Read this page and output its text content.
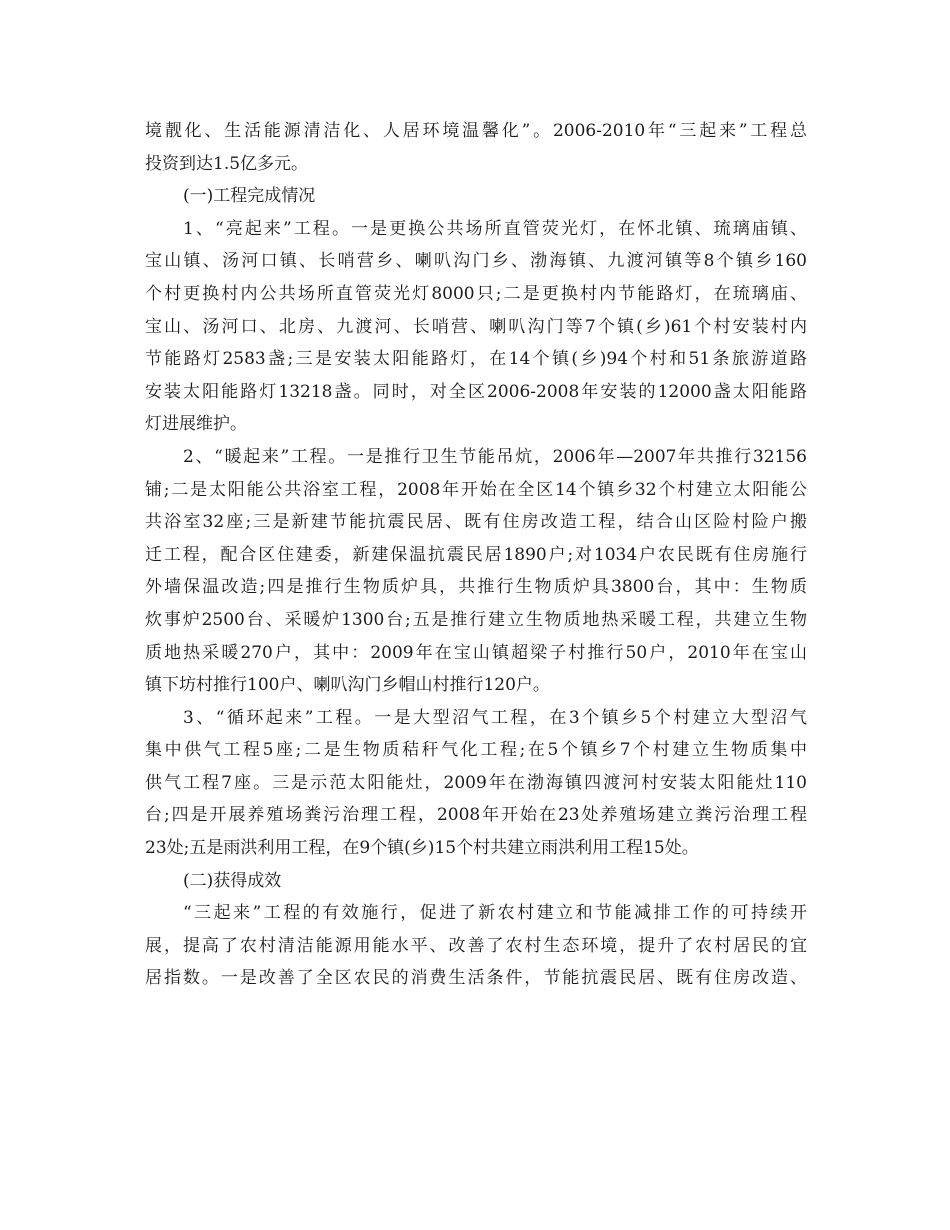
境靓化、生活能源清洁化、人居环境温馨化”。2006-2010年“三起来”工程总
投资到达1.5亿多元。
(一)工程完成情况
1、“亮起来”工程。一是更换公共场所直管荧光灯，在怀北镇、琉璃庙镇、
宝山镇、汤河口镇、长哨营乡、喇叭沟门乡、渤海镇、九渡河镇等8个镇乡160
个村更换村内公共场所直管荧光灯8000只;二是更换村内节能路灯，在琉璃庙、
宝山、汤河口、北房、九渡河、长哨营、喇叭沟门等7个镇(乡)61个村安装村内
节能路灯2583盏;三是安装太阳能路灯，在14个镇(乡)94个村和51条旅游道路
安装太阳能路灯13218盏。同时，对全区2006-2008年安装的12000盏太阳能路
灯进展维护。
2、“暖起来”工程。一是推行卫生节能吊炕，2006年—2007年共推行32156
铺;二是太阳能公共浴室工程，2008年开始在全区14个镇乡32个村建立太阳能公
共浴室32座;三是新建节能抗震民居、既有住房改造工程，结合山区险村险户搬
迁工程，配合区住建委，新建保温抗震民居1890户;对1034户农民既有住房施行
外墙保温改造;四是推行生物质炉具，共推行生物质炉具3800台，其中：生物质
炊事炉2500台、采暖炉1300台;五是推行建立生物质地热采暖工程，共建立生物
质地热采暖270户，其中：2009年在宝山镇超梁子村推行50户，2010年在宝山
镇下坊村推行100户、喇叭沟门乡帽山村推行120户。
3、“循环起来”工程。一是大型沼气工程，在3个镇乡5个村建立大型沼气
集中供气工程5座;二是生物质秸秆气化工程;在5个镇乡7个村建立生物质集中
供气工程7座。三是示范太阳能灶，2009年在渤海镇四渡河村安装太阳能灶110
台;四是开展养殖场粪污治理工程，2008年开始在23处养殖场建立粪污治理工程
23处;五是雨洪利用工程，在9个镇(乡)15个村共建立雨洪利用工程15处。
(二)获得成效
“三起来”工程的有效施行，促进了新农村建立和节能减排工作的可持续开
展，提高了农村清洁能源用能水平、改善了农村生态环境，提升了农村居民的宜
居指数。一是改善了全区农民的消费生活条件，节能抗震民居、既有住房改造、
